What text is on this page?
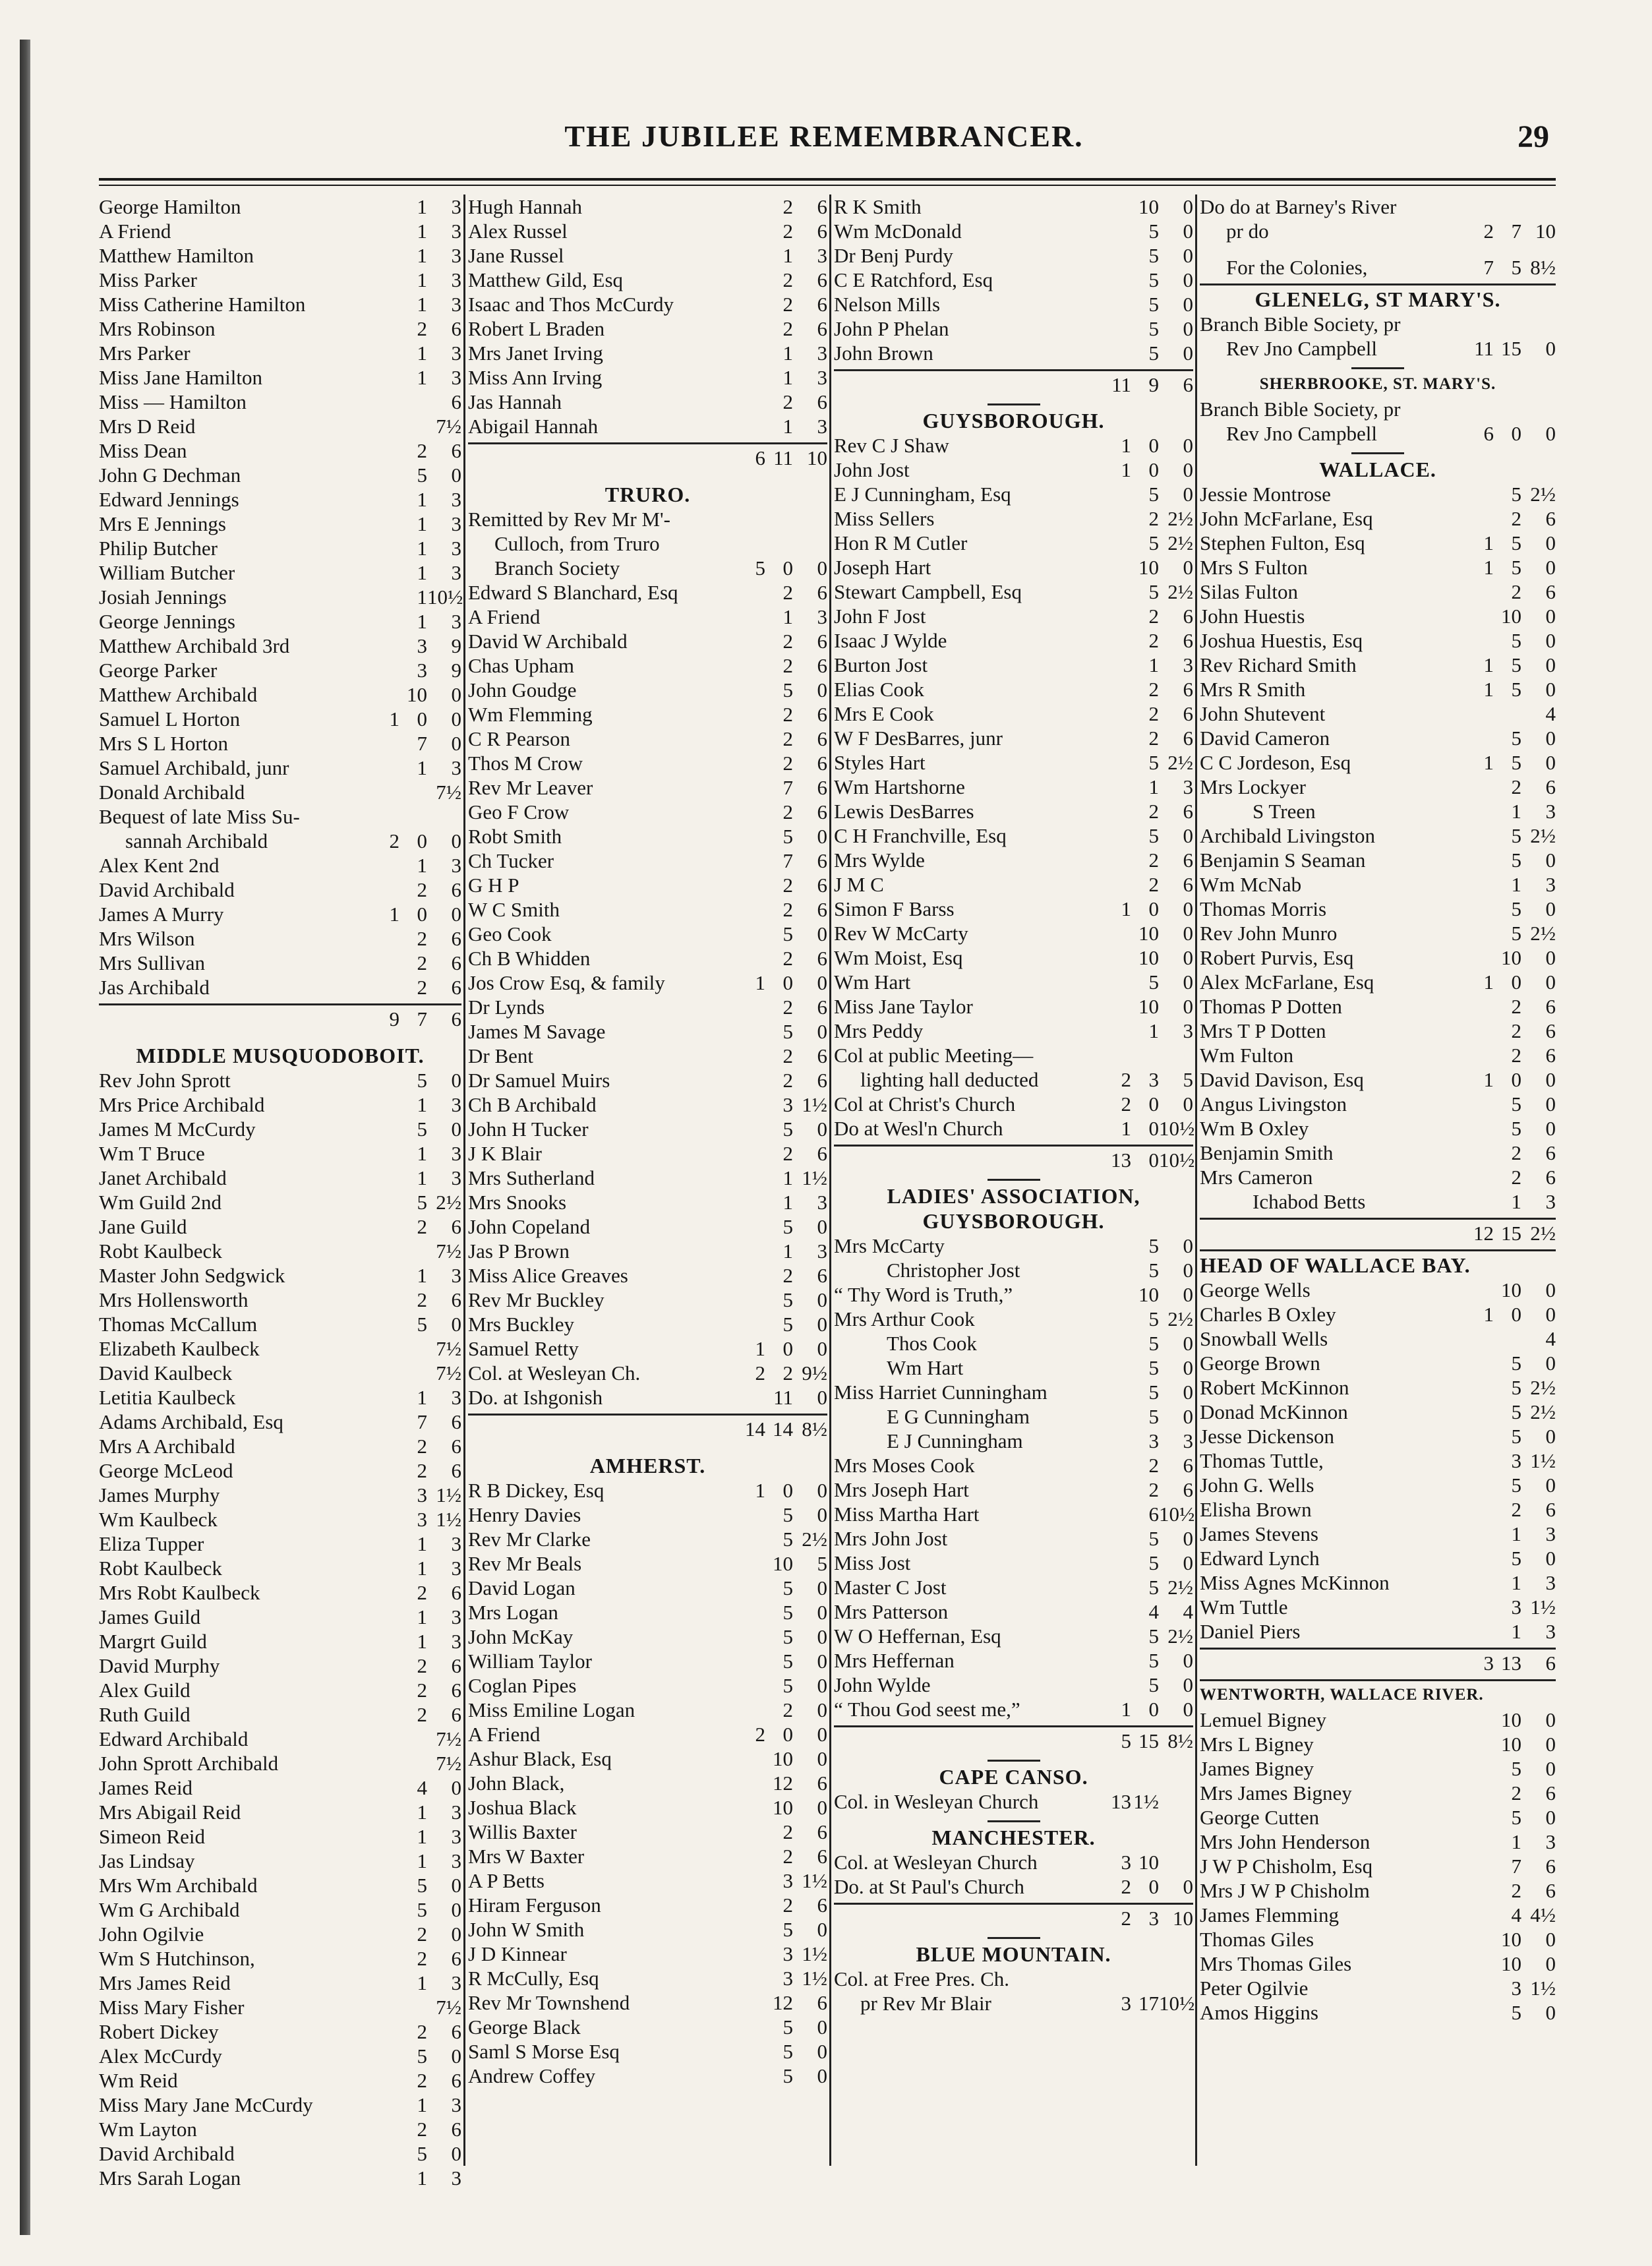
THE JUBILEE REMEMBRANCER.	29
George Hamilton	1	3
A Friend	1	3
Matthew Hamilton	1	3
Miss Parker	1	3
Miss Catherine Hamilton	1	3
Mrs Robinson	2	6
Mrs Parker	1	3
Miss Jane Hamilton	1	3
Miss — Hamilton	6
Mrs D Reid	7½
Miss Dean	2	6
John G Dechman	5	0
Edward Jennings	1	3
Mrs E Jennings	1	3
Philip Butcher	1	3
William Butcher	1	3
Josiah Jennings	1 10½
George Jennings	1	3
Matthew Archibald 3rd	3	9
George Parker	3	9
Matthew Archibald	10	0
Samuel L Horton	1 0	0
Mrs S L Horton	7	0
Samuel Archibald, junr	1	3
Donald Archibald	7½
Bequest of late Miss Su-
sannah Archibald	2 0	0
Alex Kent 2nd	1	3
David Archibald	2	6
James A Murry	1 0	0
Mrs Wilson	2	6
Mrs Sullivan	2	6
Jas Archibald	2	6
9 7	6
MIDDLE MUSQUODOBOIT.
Rev John Sprott	5	0
Mrs Price Archibald	1	3
James M McCurdy	5	0
Wm T Bruce	1	3
Janet Archibald	1	3
Wm Guild 2nd	5 2½
Jane Guild	2	6
Robt Kaulbeck	7½
Master John Sedgwick	1	3
Mrs Hollensworth	2	6
Thomas McCallum	5	0
Elizabeth Kaulbeck	7½
David Kaulbeck	7½
Letitia Kaulbeck	1	3
Adams Archibald, Esq	7	6
Mrs A Archibald	2	6
George McLeod	2	6
James Murphy	3 1½
Wm Kaulbeck	3 1½
Eliza Tupper	1	3
Robt Kaulbeck	1	3
Mrs Robt Kaulbeck	2	6
James Guild	1	3
Margrt Guild	1	3
David Murphy	2	6
Alex Guild	2	6
Ruth Guild	2	6
Edward Archibald	7½
John Sprott Archibald	7½
James Reid	4	0
Mrs Abigail Reid	1	3
Simeon Reid	1	3
Jas Lindsay	1	3
Mrs Wm Archibald	5	0
Wm G Archibald	5	0
John Ogilvie	2	0
Wm S Hutchinson,	2	6
Mrs James Reid	1	3
Miss Mary Fisher	7½
Robert Dickey	2	6
Alex McCurdy	5	0
Wm Reid	2	6
Miss Mary Jane McCurdy	1	3
Wm Layton	2	6
David Archibald	5	0
Mrs Sarah Logan	1	3
Hugh Hannah	2	6
Alex Russel	2	6
Jane Russel	1	3
Matthew Gild, Esq	2	6
Isaac and Thos McCurdy	2	6
Robert L Braden	2	6
Mrs Janet Irving	1	3
Miss Ann Irving	1	3
Jas Hannah	2	6
Abigail Hannah	1	3
6 11 10
TRURO.
Remitted by Rev Mr M'-
Culloch, from Truro
Branch Society	5 0	0
Edward S Blanchard, Esq	2	6
A Friend	1	3
David W Archibald	2	6
Chas Upham	2	6
John Goudge	5	0
Wm Flemming	2	6
C R Pearson	2	6
Thos M Crow	2	6
Rev Mr Leaver	7	6
Geo F Crow	2	6
Robt Smith	5	0
Ch Tucker	7	6
G H P	2	6
W C Smith	2	6
Geo Cook	5	0
Ch B Whidden	2	6
Jos Crow Esq, & family	1 0	0
Dr Lynds	2	6
James M Savage	5	0
Dr Bent	2	6
Dr Samuel Muirs	2	6
Ch B Archibald	3 1½
John H Tucker	5	0
J K Blair	2	6
Mrs Sutherland	1 1½
Mrs Snooks	1	3
John Copeland	5	0
Jas P Brown	1	3
Miss Alice Greaves	2	6
Rev Mr Buckley	5	0
Mrs Buckley	5	0
Samuel Retty	1 0	0
Col. at Wesleyan Ch.	2 2 9½
Do. at Ishgonish	11	0
14 14 8½
AMHERST.
R B Dickey, Esq	1 0	0
Henry Davies	5	0
Rev Mr Clarke	5 2½
Rev Mr Beals	10	5
David Logan	5	0
Mrs Logan	5	0
John McKay	5	0
William Taylor	5	0
Coglan Pipes	5	0
Miss Emiline Logan	2	0
A Friend	2 0	0
Ashur Black, Esq	10	0
John Black,	12	6
Joshua Black	10	0
Willis Baxter	2	6
Mrs W Baxter	2	6
A P Betts	3 1½
Hiram Ferguson	2	6
John W Smith	5	0
J D Kinnear	3 1½
R McCully, Esq	3 1½
Rev Mr Townshend	12	6
George Black	5	0
Saml S Morse Esq	5	0
Andrew Coffey	5	0
R K Smith	10	0
Wm McDonald	5	0
Dr Benj Purdy	5	0
C E Ratchford, Esq	5	0
Nelson Mills	5	0
John P Phelan	5	0
John Brown	5	0
11 9	6
GUYSBOROUGH.
Rev C J Shaw	1 0	0
John Jost	1 0	0
E J Cunningham, Esq	5	0
Miss Sellers	2 2½
Hon R M Cutler	5 2½
Joseph Hart	10	0
Stewart Campbell, Esq	5 2½
John F Jost	2	6
Isaac J Wylde	2	6
Burton Jost	1	3
Elias Cook	2	6
Mrs E Cook	2	6
W F DesBarres, junr	2	6
Styles Hart	5 2½
Wm Hartshorne	1	3
Lewis DesBarres	2	6
C H Franchville, Esq	5	0
Mrs Wylde	2	6
J M C	2	6
Simon F Barss	1 0	0
Rev W McCarty	10	0
Wm Moist, Esq	10	0
Wm Hart	5	0
Miss Jane Taylor	10	0
Mrs Peddy	1	3
Col at public Meeting—
lighting hall deducted	2 3	5
Col at Christ's Church	2 0	0
Do at Wesl'n Church	1 0 10½
13 0 10½
LADIES' ASSOCIATION,
GUYSBOROUGH.
Mrs McCarty	5	0
Christopher Jost	5	0
“ Thy Word is Truth,”	10	0
Mrs Arthur Cook	5 2½
Thos Cook	5	0
Wm Hart	5	0
Miss Harriet Cunningham	5	0
E G Cunningham	5	0
E J Cunningham	3	3
Mrs Moses Cook	2	6
Mrs Joseph Hart	2	6
Miss Martha Hart	6 10½
Mrs John Jost	5	0
Miss Jost	5	0
Master C Jost	5 2½
Mrs Patterson	4	4
W O Heffernan, Esq	5 2½
Mrs Heffernan	5	0
John Wylde	5	0
“ Thou God seest me,”	1 0	0
5 15 8½
CAPE CANSO.
Col. in Wesleyan Church	13 1½
MANCHESTER.
Col. at Wesleyan Church	3 10
Do. at St Paul's Church	2 0	0
2 3 10
BLUE MOUNTAIN.
Col. at Free Pres. Ch.
pr Rev Mr Blair	3 17 10½
Do do at Barney's River
pr do	2 7 10
For the Colonies,	7 5 8½
GLENELG, ST MARY'S.
Branch Bible Society, pr
Rev Jno Campbell	11 15	0
SHERBROOKE, ST. MARY'S.
Branch Bible Society, pr
Rev Jno Campbell	6 0	0
WALLACE.
Jessie Montrose	5 2½
John McFarlane, Esq	2	6
Stephen Fulton, Esq	1 5	0
Mrs S Fulton	1 5	0
Silas Fulton	2	6
John Huestis	10	0
Joshua Huestis, Esq	5	0
Rev Richard Smith	1 5	0
Mrs R Smith	1 5	0
John Shutevent	4
David Cameron	5	0
C C Jordeson, Esq	1 5	0
Mrs Lockyer	2	6
S Treen	1	3
Archibald Livingston	5 2½
Benjamin S Seaman	5	0
Wm McNab	1	3
Thomas Morris	5	0
Rev John Munro	5 2½
Robert Purvis, Esq	10	0
Alex McFarlane, Esq	1 0	0
Thomas P Dotten	2	6
Mrs T P Dotten	2	6
Wm Fulton	2	6
David Davison, Esq	1 0	0
Angus Livingston	5	0
Wm B Oxley	5	0
Benjamin Smith	2	6
Mrs Cameron	2	6
Ichabod Betts	1	3
12 15 2½
HEAD OF WALLACE BAY.
George Wells	10	0
Charles B Oxley	1 0	0
Snowball Wells	4
George Brown	5	0
Robert McKinnon	5 2½
Donad McKinnon	5 2½
Jesse Dickenson	5	0
Thomas Tuttle,	3 1½
John G. Wells	5	0
Elisha Brown	2	6
James Stevens	1	3
Edward Lynch	5	0
Miss Agnes McKinnon	1	3
Wm Tuttle	3 1½
Daniel Piers	1	3
3 13	6
WENTWORTH, WALLACE RIVER.
Lemuel Bigney	10	0
Mrs L Bigney	10	0
James Bigney	5	0
Mrs James Bigney	2	6
George Cutten	5	0
Mrs John Henderson	1	3
J W P Chisholm, Esq	7	6
Mrs J W P Chisholm	2	6
James Flemming	4 4½
Thomas Giles	10	0
Mrs Thomas Giles	10	0
Peter Ogilvie	3 1½
Amos Higgins	5	0
